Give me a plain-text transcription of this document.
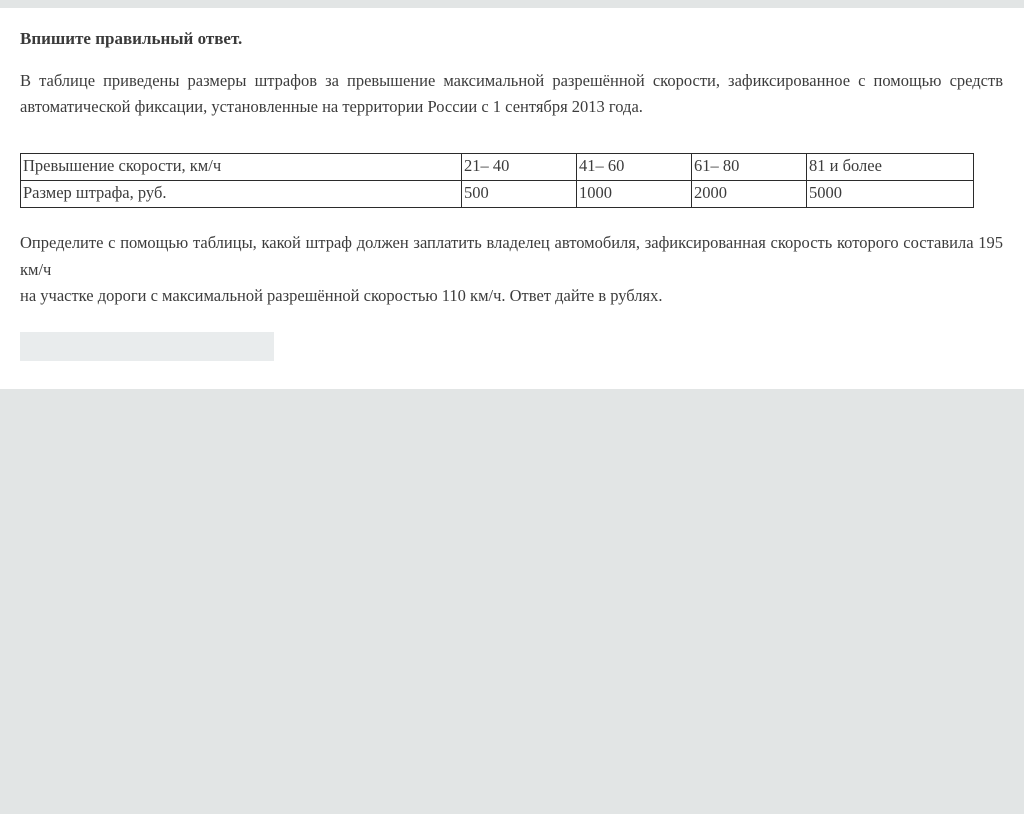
Впишите правильный ответ.
В таблице приведены размеры штрафов за превышение максимальной разрешённой скорости, зафиксированное с помощью средств автоматической фиксации, установленные на территории России с 1 сентября 2013 года.
Превышение скорости, км/ч	21– 40	41– 60	61– 80	81 и более
Размер штрафа, руб.	500	1000	2000	5000
Определите с помощью таблицы, какой штраф должен заплатить владелец автомобиля, зафиксированная скорость которого составила 195 км/ч
на участке дороги с максимальной разрешённой скоростью 110 км/ч. Ответ дайте в рублях.
